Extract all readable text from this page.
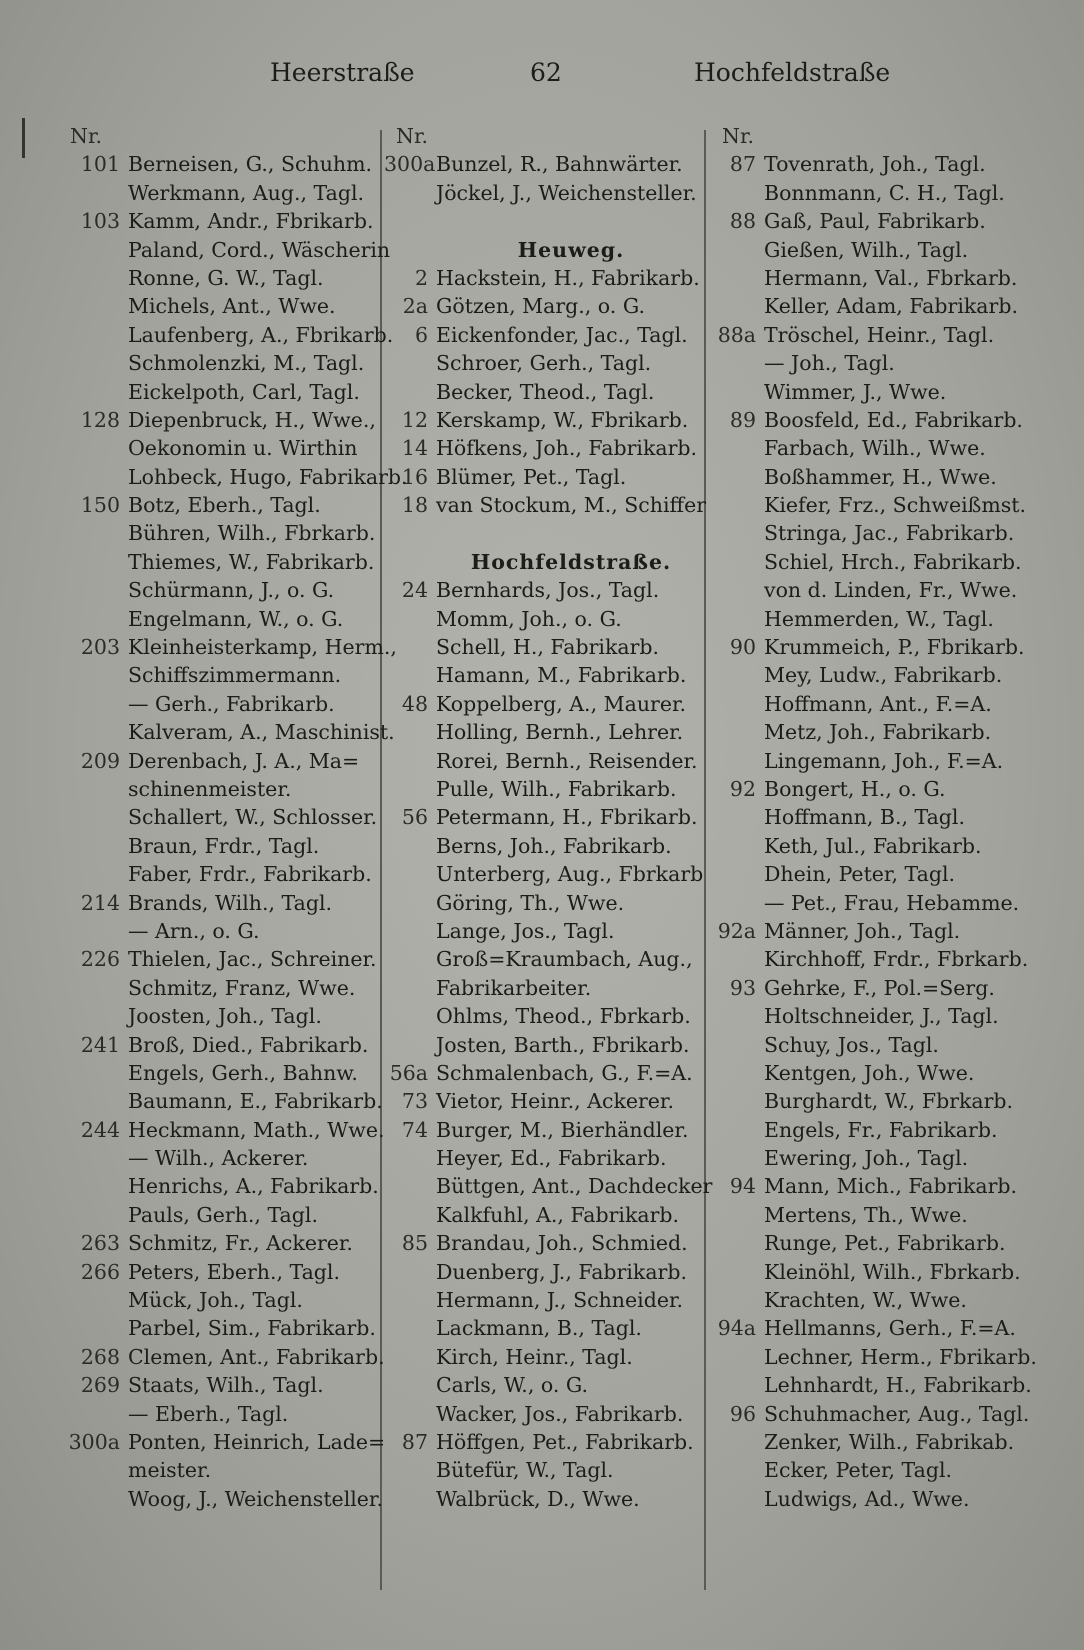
Heerstraße	62	Hochfeldstraße
Nr.
101 Berneisen, G., Schuhm.
Werkmann, Aug., Tagl.
103 Kamm, Andr., Fbrikarb.
Paland, Cord., Wäscherin
Ronne, G. W., Tagl.
Michels, Ant., Wwe.
Laufenberg, A., Fbrikarb.
Schmolenzki, M., Tagl.
Eickelpoth, Carl, Tagl.
128 Diepenbruck, H., Wwe.,
Oekonomin u. Wirthin
Lohbeck, Hugo, Fabrikarb.
150 Botz, Eberh., Tagl.
Bühren, Wilh., Fbrkarb.
Thiemes, W., Fabrikarb.
Schürmann, J., o. G.
Engelmann, W., o. G.
203 Kleinheisterkamp, Herm.,
Schiffszimmermann.
— Gerh., Fabrikarb.
Kalveram, A., Maschinist.
209 Derenbach, J. A., Ma=
schinenmeister.
Schallert, W., Schlosser.
Braun, Frdr., Tagl.
Faber, Frdr., Fabrikarb.
214 Brands, Wilh., Tagl.
— Arn., o. G.
226 Thielen, Jac., Schreiner.
Schmitz, Franz, Wwe.
Joosten, Joh., Tagl.
241 Broß, Died., Fabrikarb.
Engels, Gerh., Bahnw.
Baumann, E., Fabrikarb.
244 Heckmann, Math., Wwe.
— Wilh., Ackerer.
Henrichs, A., Fabrikarb.
Pauls, Gerh., Tagl.
263 Schmitz, Fr., Ackerer.
266 Peters, Eberh., Tagl.
Mück, Joh., Tagl.
Parbel, Sim., Fabrikarb.
268 Clemen, Ant., Fabrikarb.
269 Staats, Wilh., Tagl.
— Eberh., Tagl.
300a Ponten, Heinrich, Lade=
meister.
Woog, J., Weichensteller.
Nr.
300a Bunzel, R., Bahnwärter.
Jöckel, J., Weichensteller.
Heuweg.
2 Hackstein, H., Fabrikarb.
2a Götzen, Marg., o. G.
6 Eickenfonder, Jac., Tagl.
Schroer, Gerh., Tagl.
Becker, Theod., Tagl.
12 Kerskamp, W., Fbrikarb.
14 Höfkens, Joh., Fabrikarb.
16 Blümer, Pet., Tagl.
18 van Stockum, M., Schiffer
Hochfeldstraße.
24 Bernhards, Jos., Tagl.
Momm, Joh., o. G.
Schell, H., Fabrikarb.
Hamann, M., Fabrikarb.
48 Koppelberg, A., Maurer.
Holling, Bernh., Lehrer.
Rorei, Bernh., Reisender.
Pulle, Wilh., Fabrikarb.
56 Petermann, H., Fbrikarb.
Berns, Joh., Fabrikarb.
Unterberg, Aug., Fbrkarb
Göring, Th., Wwe.
Lange, Jos., Tagl.
Groß=Kraumbach, Aug.,
Fabrikarbeiter.
Ohlms, Theod., Fbrkarb.
Josten, Barth., Fbrikarb.
56a Schmalenbach, G., F.=A.
73 Vietor, Heinr., Ackerer.
74 Burger, M., Bierhändler.
Heyer, Ed., Fabrikarb.
Büttgen, Ant., Dachdecker
Kalkfuhl, A., Fabrikarb.
85 Brandau, Joh., Schmied.
Duenberg, J., Fabrikarb.
Hermann, J., Schneider.
Lackmann, B., Tagl.
Kirch, Heinr., Tagl.
Carls, W., o. G.
Wacker, Jos., Fabrikarb.
87 Höffgen, Pet., Fabrikarb.
Bütefür, W., Tagl.
Walbrück, D., Wwe.
Nr.
87 Tovenrath, Joh., Tagl.
Bonnmann, C. H., Tagl.
88 Gaß, Paul, Fabrikarb.
Gießen, Wilh., Tagl.
Hermann, Val., Fbrkarb.
Keller, Adam, Fabrikarb.
88a Tröschel, Heinr., Tagl.
— Joh., Tagl.
Wimmer, J., Wwe.
89 Boosfeld, Ed., Fabrikarb.
Farbach, Wilh., Wwe.
Boßhammer, H., Wwe.
Kiefer, Frz., Schweißmst.
Stringa, Jac., Fabrikarb.
Schiel, Hrch., Fabrikarb.
von d. Linden, Fr., Wwe.
Hemmerden, W., Tagl.
90 Krummeich, P., Fbrikarb.
Mey, Ludw., Fabrikarb.
Hoffmann, Ant., F.=A.
Metz, Joh., Fabrikarb.
Lingemann, Joh., F.=A.
92 Bongert, H., o. G.
Hoffmann, B., Tagl.
Keth, Jul., Fabrikarb.
Dhein, Peter, Tagl.
— Pet., Frau, Hebamme.
92a Männer, Joh., Tagl.
Kirchhoff, Frdr., Fbrkarb.
93 Gehrke, F., Pol.=Serg.
Holtschneider, J., Tagl.
Schuy, Jos., Tagl.
Kentgen, Joh., Wwe.
Burghardt, W., Fbrkarb.
Engels, Fr., Fabrikarb.
Ewering, Joh., Tagl.
94 Mann, Mich., Fabrikarb.
Mertens, Th., Wwe.
Runge, Pet., Fabrikarb.
Kleinöhl, Wilh., Fbrkarb.
Krachten, W., Wwe.
94a Hellmanns, Gerh., F.=A.
Lechner, Herm., Fbrikarb.
Lehnhardt, H., Fabrikarb.
96 Schuhmacher, Aug., Tagl.
Zenker, Wilh., Fabrikab.
Ecker, Peter, Tagl.
Ludwigs, Ad., Wwe.
